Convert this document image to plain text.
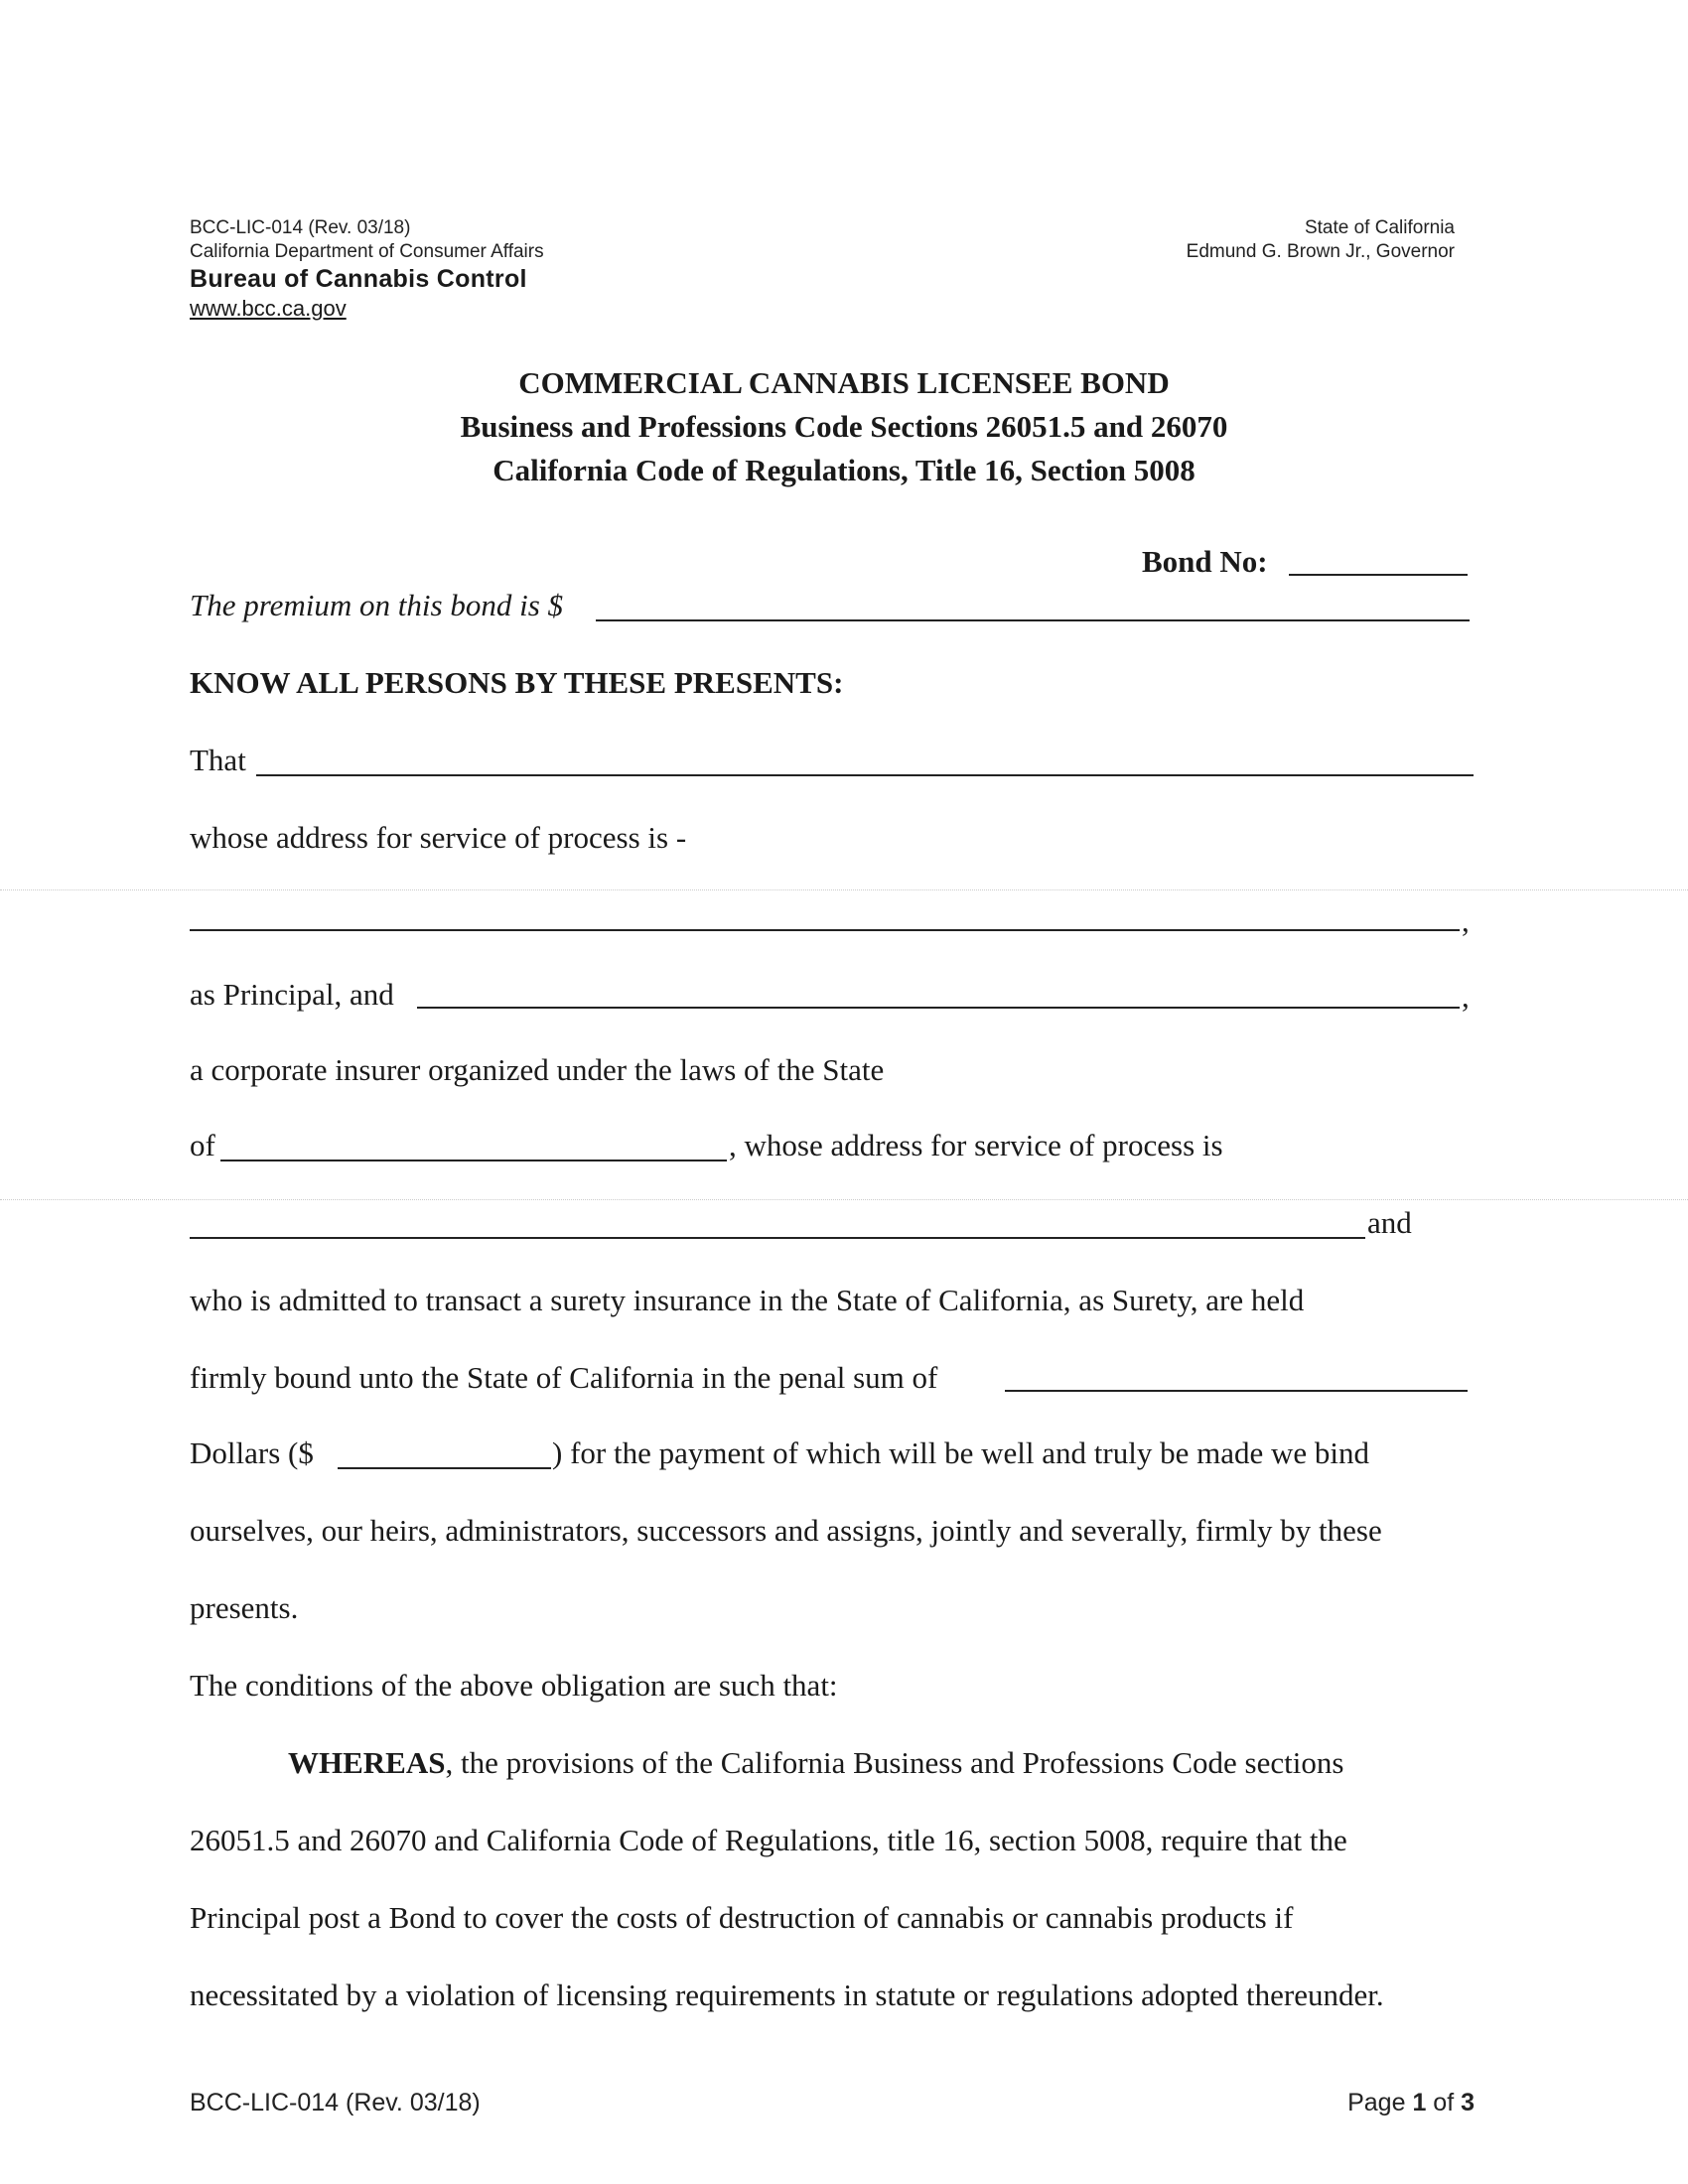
BCC-LIC-014 (Rev. 03/18)
California Department of Consumer Affairs
Bureau of Cannabis Control
www.bcc.ca.gov
State of California
Edmund G. Brown Jr., Governor
COMMERCIAL CANNABIS LICENSEE BOND
Business and Professions Code Sections 26051.5 and 26070
California Code of Regulations, Title 16, Section 5008
Bond No:
The premium on this bond is $
KNOW ALL PERSONS BY THESE PRESENTS:
That
whose address for service of process is -
,
as Principal, and	,
a corporate insurer organized under the laws of the State
of	, whose address for service of process is
and
who is admitted to transact a surety insurance in the State of California, as Surety, are held
firmly bound unto the State of California in the penal sum of
Dollars ($	) for the payment of which will be well and truly be made we bind
ourselves, our heirs, administrators, successors and assigns, jointly and severally, firmly by these
presents.
The conditions of the above obligation are such that:
WHEREAS, the provisions of the California Business and Professions Code sections
26051.5 and 26070 and California Code of Regulations, title 16, section 5008, require that the
Principal post a Bond to cover the costs of destruction of cannabis or cannabis products if
necessitated by a violation of licensing requirements in statute or regulations adopted thereunder.
BCC-LIC-014 (Rev. 03/18)	Page 1 of 3
